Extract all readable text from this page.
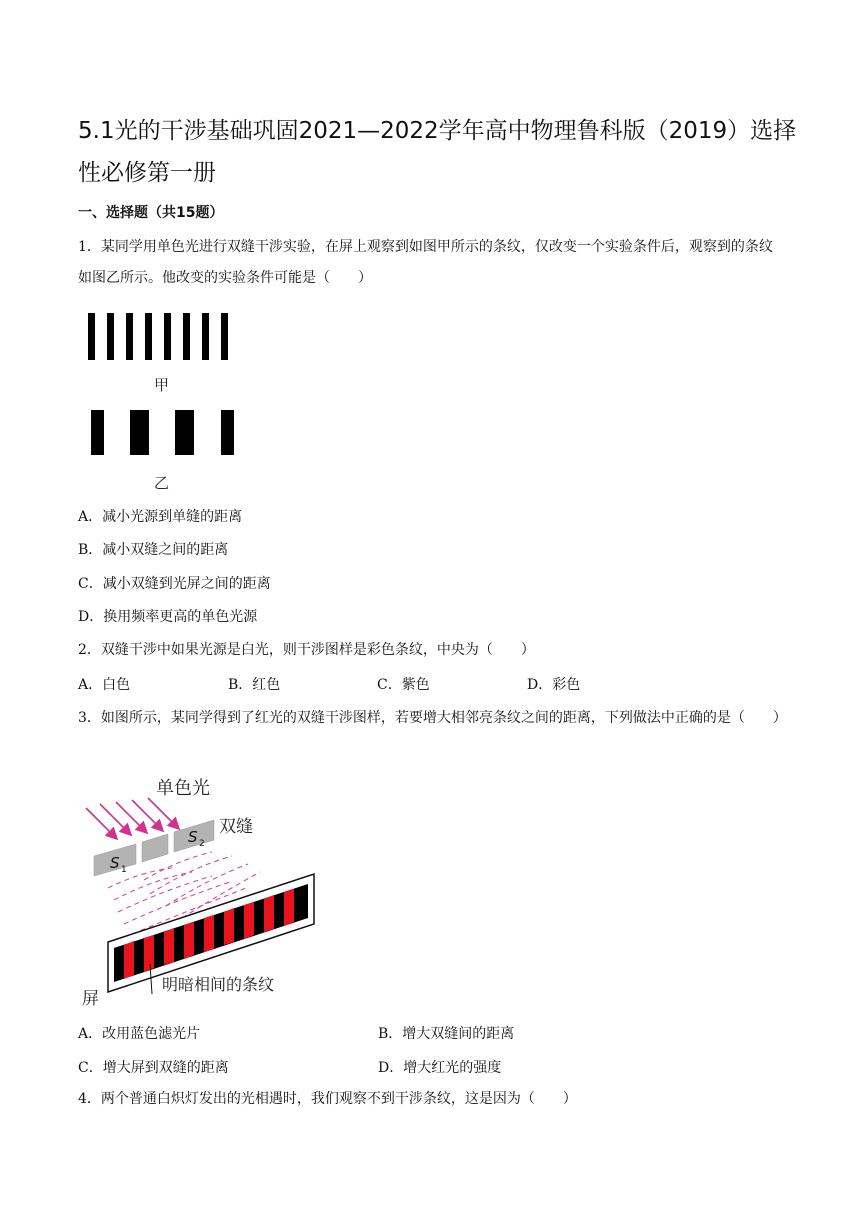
5.1光的干涉基础巩固2021—2022学年高中物理鲁科版（2019）选择性必修第一册
一、选择题（共15题）
1．某同学用单色光进行双缝干涉实验，在屏上观察到如图甲所示的条纹，仅改变一个实验条件后，观察到的条纹如图乙所示。他改变的实验条件可能是（　　）
甲
乙
A．减小光源到单缝的距离
B．减小双缝之间的距离
C．减小双缝到光屏之间的距离
D．换用频率更高的单色光源
2．双缝干涉中如果光源是白光，则干涉图样是彩色条纹，中央为（　　）
A．白色	B．红色	C．紫色	D．彩色
3．如图所示，某同学得到了红光的双缝干涉图样，若要增大相邻亮条纹之间的距离，下列做法中正确的是（　　）
单色光
S 1
S 2
双缝
明暗相间的条纹
屏
A．改用蓝色滤光片	B．增大双缝间的距离
C．增大屏到双缝的距离	D．增大红光的强度
4．两个普通白炽灯发出的光相遇时，我们观察不到干涉条纹，这是因为（　　）
